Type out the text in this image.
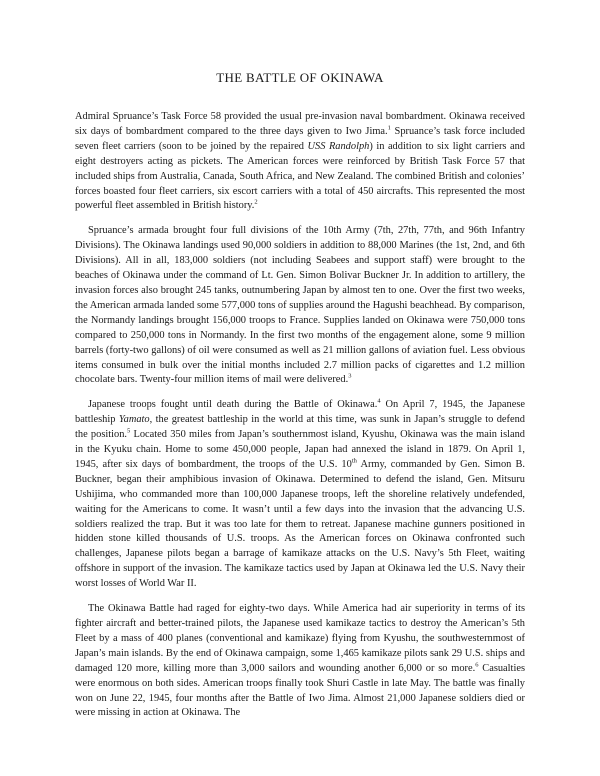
THE BATTLE OF OKINAWA

Admiral Spruance’s Task Force 58 provided the usual pre-invasion naval bombardment. Okinawa received six days of bombardment compared to the three days given to Iwo Jima.$^1$ Spruance’s task force included seven fleet carriers (soon to be joined by the repaired USS Randolph) in addition to six light carriers and eight destroyers acting as pickets. The American forces were reinforced by British Task Force 57 that included ships from Australia, Canada, South Africa, and New Zealand. The combined British and colonies’ forces boasted four fleet carriers, six escort carriers with a total of 450 aircrafts. This represented the most powerful fleet assembled in British history.$^2$

Spruance’s armada brought four full divisions of the 10th Army (7th, 27th, 77th, and 96th Infantry Divisions). The Okinawa landings used 90,000 soldiers in addition to 88,000 Marines (the 1st, 2nd, and 6th Divisions). All in all, 183,000 soldiers (not including Seabees and support staff) were brought to the beaches of Okinawa under the command of Lt. Gen. Simon Bolivar Buckner Jr. In addition to artillery, the invasion forces also brought 245 tanks, outnumbering Japan by almost ten to one. Over the first two weeks, the American armada landed some 577,000 tons of supplies around the Hagushi beachhead. By comparison, the Normandy landings brought 156,000 troops to France. Supplies landed on Okinawa were 750,000 tons compared to 250,000 tons in Normandy. In the first two months of the engagement alone, some 9 million barrels (forty-two gallons) of oil were consumed as well as 21 million gallons of aviation fuel. Less obvious items consumed in bulk over the initial months included 2.7 million packs of cigarettes and 1.2 million chocolate bars. Twenty-four million items of mail were delivered.$^3$

Japanese troops fought until death during the Battle of Okinawa.$^4$ On April 7, 1945, the Japanese battleship Yamato, the greatest battleship in the world at this time, was sunk in Japan’s struggle to defend the position.$^5$ Located 350 miles from Japan’s southernmost island, Kyushu, Okinawa was the main island in the Kyuku chain. Home to some 450,000 people, Japan had annexed the island in 1879. On April 1, 1945, after six days of bombardment, the troops of the U.S. 10th Army, commanded by Gen. Simon B. Buckner, began their amphibious invasion of Okinawa. Determined to defend the island, Gen. Mitsuru Ushijima, who commanded more than 100,000 Japanese troops, left the shoreline relatively undefended, waiting for the Americans to come. It wasn’t until a few days into the invasion that the advancing U.S. soldiers realized the trap. But it was too late for them to retreat. Japanese machine gunners positioned in hidden stone killed thousands of U.S. troops. As the American forces on Okinawa confronted such challenges, Japanese pilots began a barrage of kamikaze attacks on the U.S. Navy’s 5th Fleet, waiting offshore in support of the invasion. The kamikaze tactics used by Japan at Okinawa led the U.S. Navy their worst losses of World War II.

The Okinawa Battle had raged for eighty-two days. While America had air superiority in terms of its fighter aircraft and better-trained pilots, the Japanese used kamikaze tactics to destroy the American’s 5th Fleet by a mass of 400 planes (conventional and kamikaze) flying from Kyushu, the southwesternmost of Japan’s main islands. By the end of Okinawa campaign, some 1,465 kamikaze pilots sank 29 U.S. ships and damaged 120 more, killing more than 3,000 sailors and wounding another 6,000 or so more.$^6$ Casualties were enormous on both sides. American troops finally took Shuri Castle in late May. The battle was finally won on June 22, 1945, four months after the Battle of Iwo Jima. Almost 21,000 Japanese soldiers died or were missing in action at Okinawa. The
